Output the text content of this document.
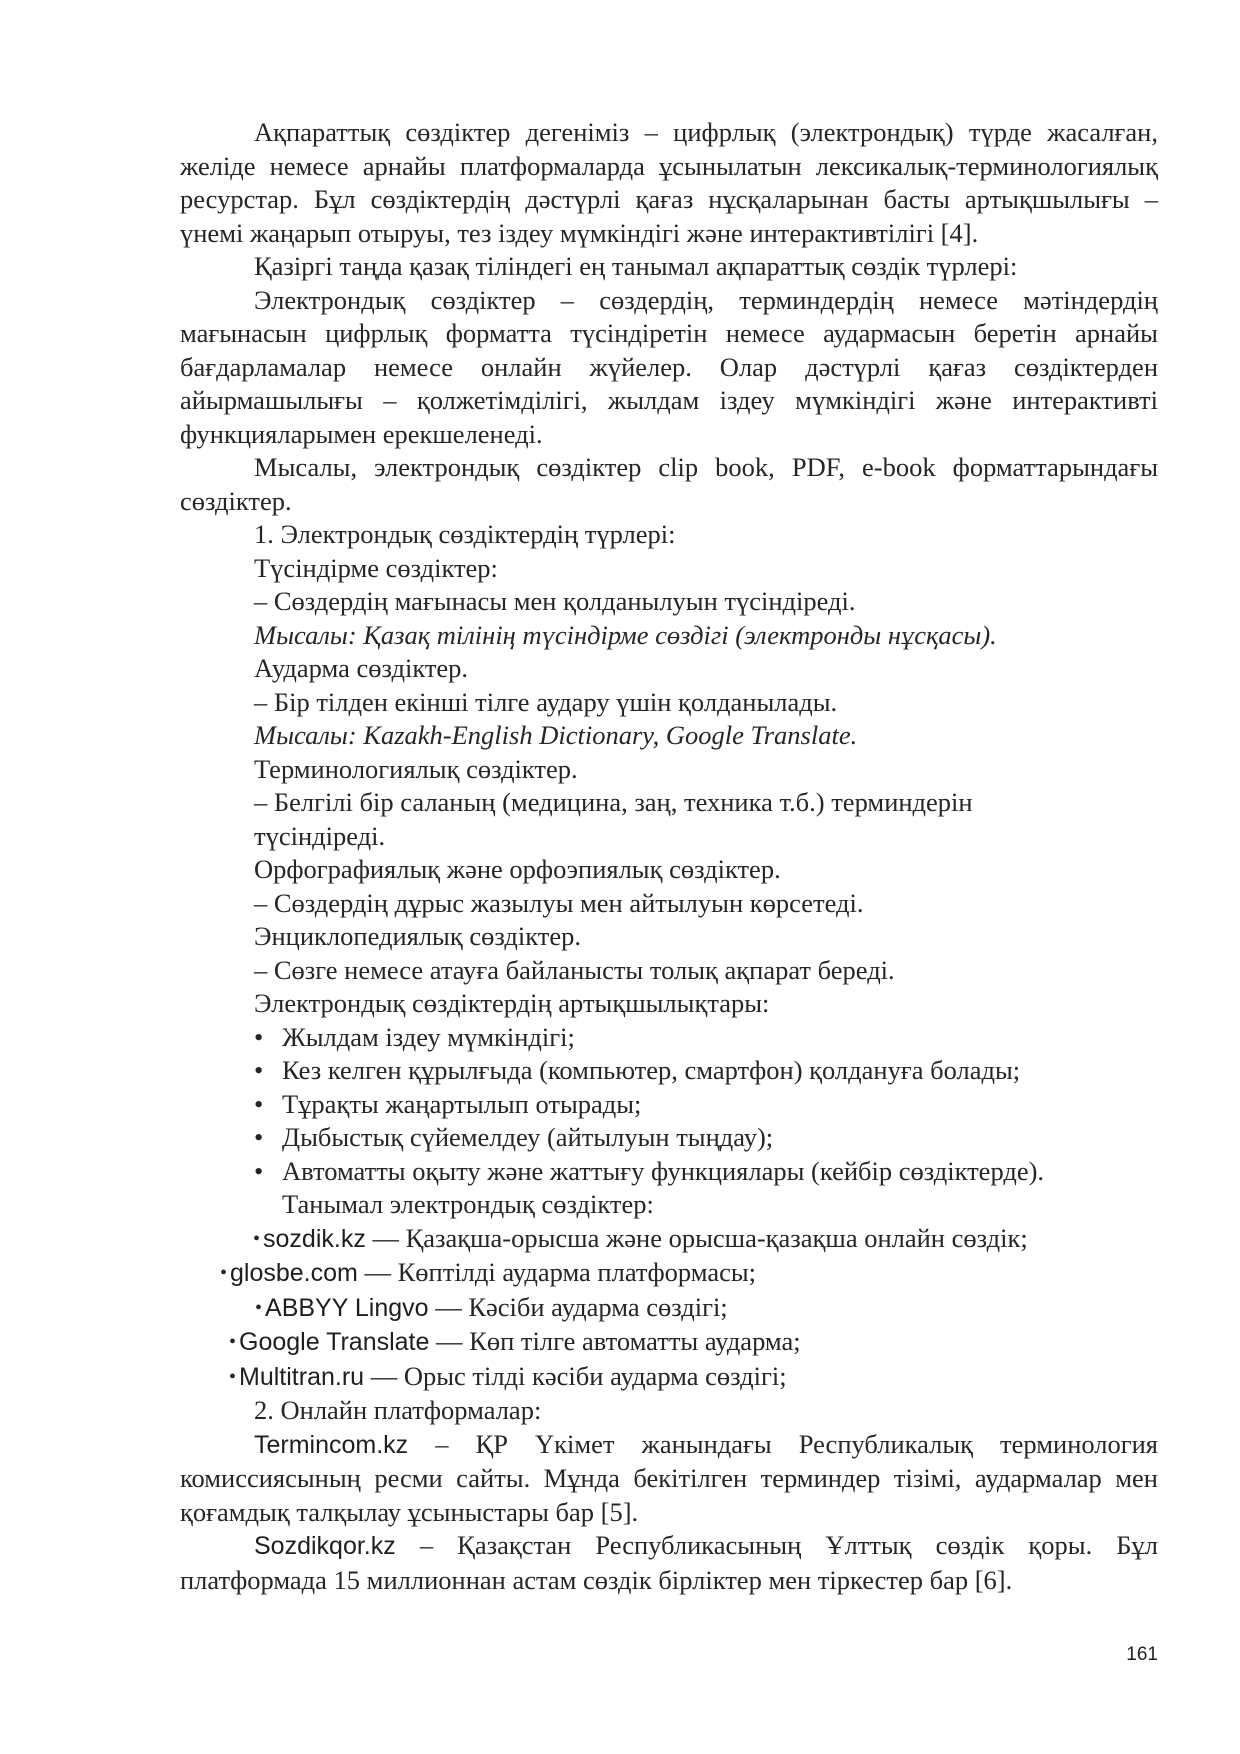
Ақпараттық сөздіктер дегеніміз – цифрлық (электрондық) түрде жасалған, желіде немесе арнайы платформаларда ұсынылатын лексикалық-терминологиялық ресурстар. Бұл сөздіктердің дәстүрлі қағаз нұсқаларынан басты артықшылығы – үнемі жаңарып отыруы, тез іздеу мүмкіндігі және интерактивтілігі [4].

Қазіргі таңда қазақ тіліндегі ең танымал ақпараттық сөздік түрлері:

Электрондық сөздіктер – сөздердің, терминдердің немесе мәтіндердің мағынасын цифрлық форматта түсіндіретін немесе аудармасын беретін арнайы бағдарламалар немесе онлайн жүйелер. Олар дәстүрлі қағаз сөздіктерден айырмашылығы – қолжетімділігі, жылдам іздеу мүмкіндігі және интерактивті функцияларымен ерекшеленеді.

Мысалы, электрондық сөздіктер clip book, PDF, e-book форматтарындағы сөздіктер.

1. Электрондық сөздіктердің түрлері:

Түсіндірме сөздіктер:

– Сөздердің мағынасы мен қолданылуын түсіндіреді.

Мысалы: Қазақ тілінің түсіндірме сөздігі (электронды нұсқасы).

Аударма сөздіктер.

– Бір тілден екінші тілге аудару үшін қолданылады.

Мысалы: Kazakh-English Dictionary, Google Translate.

Терминологиялық сөздіктер.

– Белгілі бір саланың (медицина, заң, техника т.б.) терминдерін түсіндіреді.

Орфографиялық және орфоэпиялық сөздіктер.

– Сөздердің дұрыс жазылуы мен айтылуын көрсетеді.

Энциклопедиялық сөздіктер.

– Сөзге немесе атауға байланысты толық ақпарат береді.

Электрондық сөздіктердің артықшылықтары:

• Жылдам іздеу мүмкіндігі;
• Кез келген құрылғыда (компьютер, смартфон) қолдануға болады;
• Тұрақты жаңартылып отырады;
• Дыбыстық сүйемелдеу (айтылуын тыңдау);
• Автоматты оқыту және жаттығу функциялары (кейбір сөздіктерде).

Танымал электрондық сөздіктер:

• sozdik.kz — Қазақша-орысша және орысша-қазақша онлайн сөздік;

• glosbe.com — Көптілді аударма платформасы;

• ABBYY Lingvo — Кәсіби аударма сөздігі;

• Google Translate — Көп тілге автоматты аударма;

• Multitran.ru — Орыс тілді кәсіби аударма сөздігі;

2. Онлайн платформалар:

Termincom.kz – ҚР Үкімет жанындағы Республикалық терминология комиссиясының ресми сайты. Мұнда бекітілген терминдер тізімі, аудармалар мен қоғамдық талқылау ұсыныстары бар [5].

Sozdikqor.kz – Қазақстан Республикасының Ұлттық сөздік қоры. Бұл платформада 15 миллионнан астам сөздік бірліктер мен тіркестер бар [6].

161
